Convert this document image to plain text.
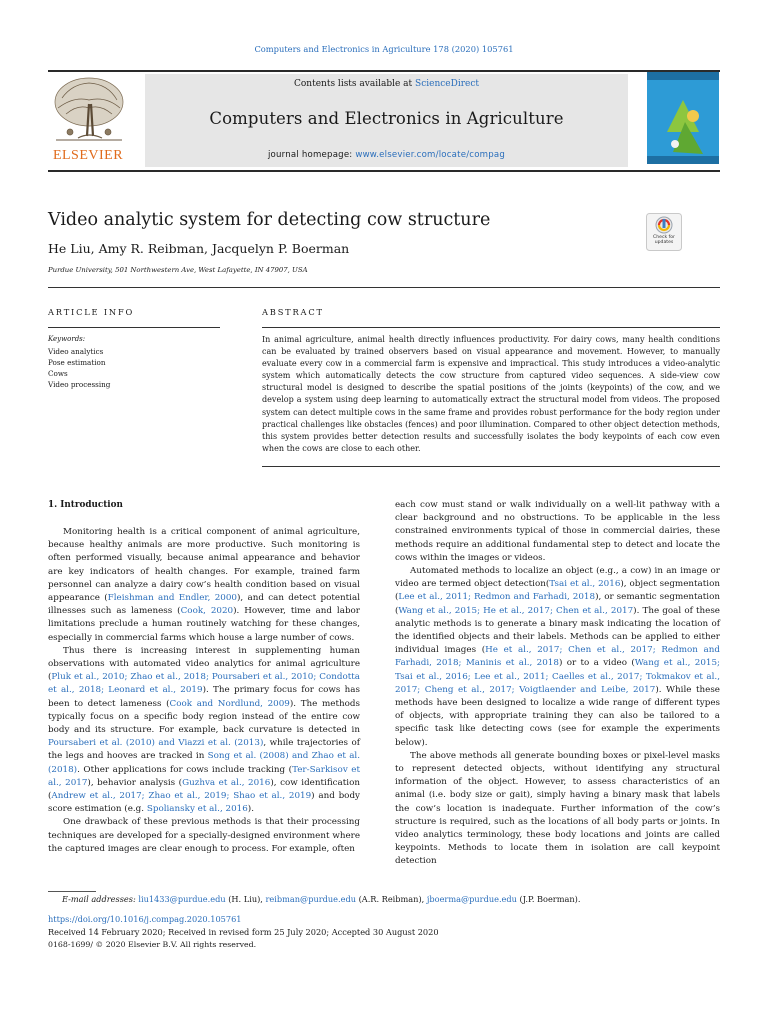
Computers and Electronics in Agriculture 178 (2020) 105761
Contents lists available at ScienceDirect
Computers and Electronics in Agriculture
journal homepage: www.elsevier.com/locate/compag
ELSEVIER
Video analytic system for detecting cow structure
He Liu, Amy R. Reibman, Jacquelyn P. Boerman
Purdue University, 501 Northwestern Ave, West Lafayette, IN 47907, USA
Check for updates
ARTICLE INFO
Keywords:
Video analytics
Pose estimation
Cows
Video processing
ABSTRACT
In animal agriculture, animal health directly influences productivity. For dairy cows, many health conditions can be evaluated by trained observers based on visual appearance and movement. However, to manually evaluate every cow in a commercial farm is expensive and impractical. This study introduces a video-analytic system which automatically detects the cow structure from captured video sequences. A side-view cow structural model is designed to describe the spatial positions of the joints (keypoints) of the cow, and we develop a system using deep learning to automatically extract the structural model from videos. The proposed system can detect multiple cows in the same frame and provides robust performance for the body region under practical challenges like obstacles (fences) and poor illumination. Compared to other object detection methods, this system provides better detection results and successfully isolates the body keypoints of each cow even when the cows are close to each other.
1. Introduction

Monitoring health is a critical component of animal agriculture, because healthy animals are more productive. Such monitoring is often performed visually, because animal appearance and behavior are key indicators of health changes. For example, trained farm personnel can analyze a dairy cow’s health condition based on visual appearance (Fleishman and Endler, 2000), and can detect potential illnesses such as lameness (Cook, 2020). However, time and labor limitations preclude a human routinely watching for these changes, especially in commercial farms which house a large number of cows.

Thus there is increasing interest in supplementing human observations with automated video analytics for animal agriculture (Pluk et al., 2010; Zhao et al., 2018; Poursaberi et al., 2010; Condotta et al., 2018; Leonard et al., 2019). The primary focus for cows has been to detect lameness (Cook and Nordlund, 2009). The methods typically focus on a specific body region instead of the entire cow body and its structure. For example, back curvature is detected in Poursaberi et al. (2010) and Viazzi et al. (2013), while trajectories of the legs and hooves are tracked in Song et al. (2008) and Zhao et al. (2018). Other applications for cows include tracking (Ter-Sarkisov et al., 2017), behavior analysis (Guzhva et al., 2016), cow identification (Andrew et al., 2017; Zhao et al., 2019; Shao et al., 2019) and body score estimation (e.g. Spoliansky et al., 2016).

One drawback of these previous methods is that their processing techniques are developed for a specially-designed environment where the captured images are clear enough to process. For example, often

each cow must stand or walk individually on a well-lit pathway with a clear background and no obstructions. To be applicable in the less constrained environments typical of those in commercial dairies, these methods require an additional fundamental step to detect and locate the cows within the images or videos.

Automated methods to localize an object (e.g., a cow) in an image or video are termed object detection(Tsai et al., 2016), object segmentation (Lee et al., 2011; Redmon and Farhadi, 2018), or semantic segmentation (Wang et al., 2015; He et al., 2017; Chen et al., 2017). The goal of these analytic methods is to generate a binary mask indicating the location of the identified objects and their labels. Methods can be applied to either individual images (He et al., 2017; Chen et al., 2017; Redmon and Farhadi, 2018; Maninis et al., 2018) or to a video (Wang et al., 2015; Tsai et al., 2016; Lee et al., 2011; Caelles et al., 2017; Tokmakov et al., 2017; Cheng et al., 2017; Voigtlaender and Leibe, 2017). While these methods have been designed to localize a wide range of different types of objects, with appropriate training they can also be tailored to a specific task like detecting cows (see for example the experiments below).

The above methods all generate bounding boxes or pixel-level masks to represent detected objects, without identifying any structural information of the object. However, to assess characteristics of an animal (i.e. body size or gait), simply having a binary mask that labels the cow’s location is inadequate. Further information of the cow’s structure is required, such as the locations of all body parts or joints. In video analytics terminology, these body locations and joints are called keypoints. Methods to locate them in isolation are call keypoint detection

E-mail addresses: liu1433@purdue.edu (H. Liu), reibman@purdue.edu (A.R. Reibman), jboerma@purdue.edu (J.P. Boerman).
https://doi.org/10.1016/j.compag.2020.105761
Received 14 February 2020; Received in revised form 25 July 2020; Accepted 30 August 2020
0168-1699/ © 2020 Elsevier B.V. All rights reserved.
